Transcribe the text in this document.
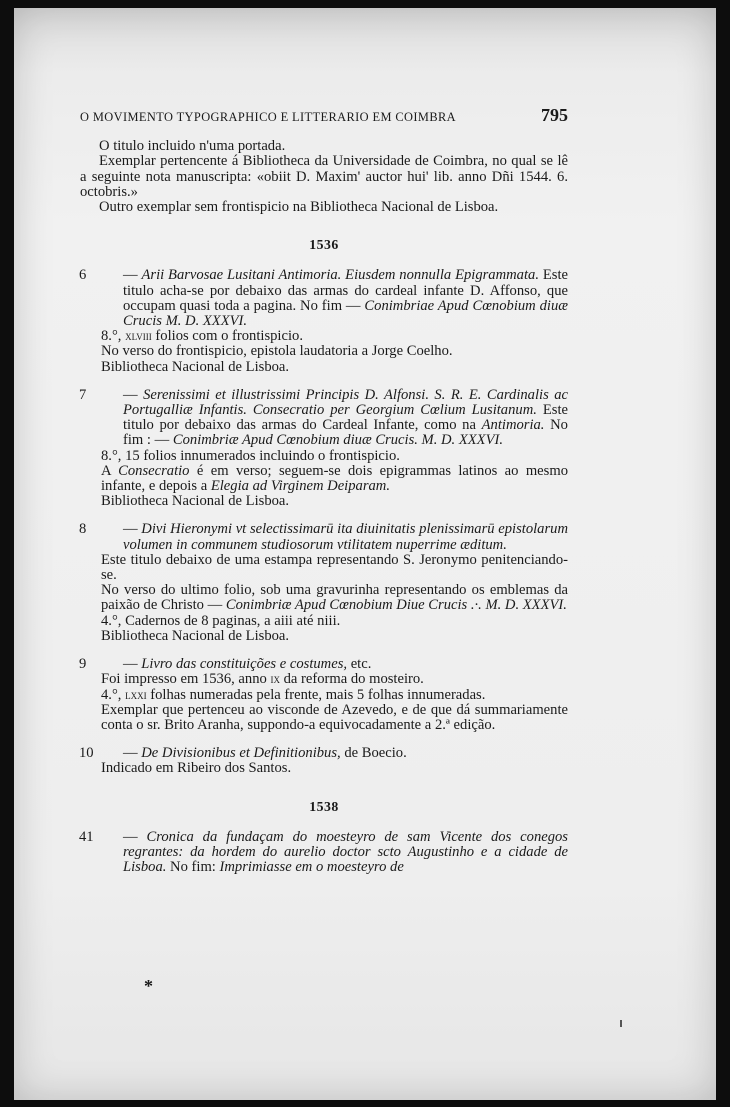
O MOVIMENTO TYPOGRAPHICO E LITTERARIO EM COIMBRA	795

O titulo incluido n'uma portada.

Exemplar pertencente á Bibliotheca da Universidade de Coimbra, no qual se lê a seguinte nota manuscripta: «obiit D. Maxim' auctor hui' lib. anno Dñi 1544. 6. octobris.»

Outro exemplar sem frontispicio na Bibliotheca Nacional de Lisboa.

1536

6	— Arii Barvosae Lusitani Antimoria. Eiusdem nonnulla Epigrammata. Este titulo acha-se por debaixo das armas do cardeal infante D. Affonso, que occupam quasi toda a pagina. No fim — Conimbriae Apud Cœnobium diuæ Crucis M. D. XXXVI.

8.°, xlviii folios com o frontispicio.

No verso do frontispicio, epistola laudatoria a Jorge Coelho.

Bibliotheca Nacional de Lisboa.

7	— Serenissimi et illustrissimi Principis D. Alfonsi. S. R. E. Cardinalis ac Portugalliæ Infantis. Consecratio per Georgium Cœlium Lusitanum. Este titulo por debaixo das armas do Cardeal Infante, como na Antimoria. No fim : — Conimbriæ Apud Cœnobium diuæ Crucis. M. D. XXXVI.

8.°, 15 folios innumerados incluindo o frontispicio.

A Consecratio é em verso; seguem-se dois epigrammas latinos ao mesmo infante, e depois a Elegia ad Virginem Deiparam.

Bibliotheca Nacional de Lisboa.

8	— Divi Hieronymi vt selectissimarū ita diuinitatis plenissimarū epistolarum volumen in communem studiosorum vtilitatem nuperrime æditum.

Este titulo debaixo de uma estampa representando S. Jeronymo penitenciando-se.

No verso do ultimo folio, sob uma gravurinha representando os emblemas da paixão de Christo — Conimbriæ Apud Cœnobium Diue Crucis .·. M. D. XXXVI.

4.°, Cadernos de 8 paginas, a aiii até niii.

Bibliotheca Nacional de Lisboa.

9	— Livro das constituições e costumes, etc.

Foi impresso em 1536, anno ix da reforma do mosteiro.

4.°, lxxi folhas numeradas pela frente, mais 5 folhas innumeradas.

Exemplar que pertenceu ao visconde de Azevedo, e de que dá summariamente conta o sr. Brito Aranha, suppondo-a equivocadamente a 2.ª edição.

10 — De Divisionibus et Definitionibus, de Boecio.

Indicado em Ribeiro dos Santos.

1538

41 — Cronica da fundaçam do moesteyro de sam Vicente dos conegos regrantes: da hordem do aurelio doctor scto Augustinho e a cidade de Lisboa. No fim: Imprimiasse em o moesteyro de

*
